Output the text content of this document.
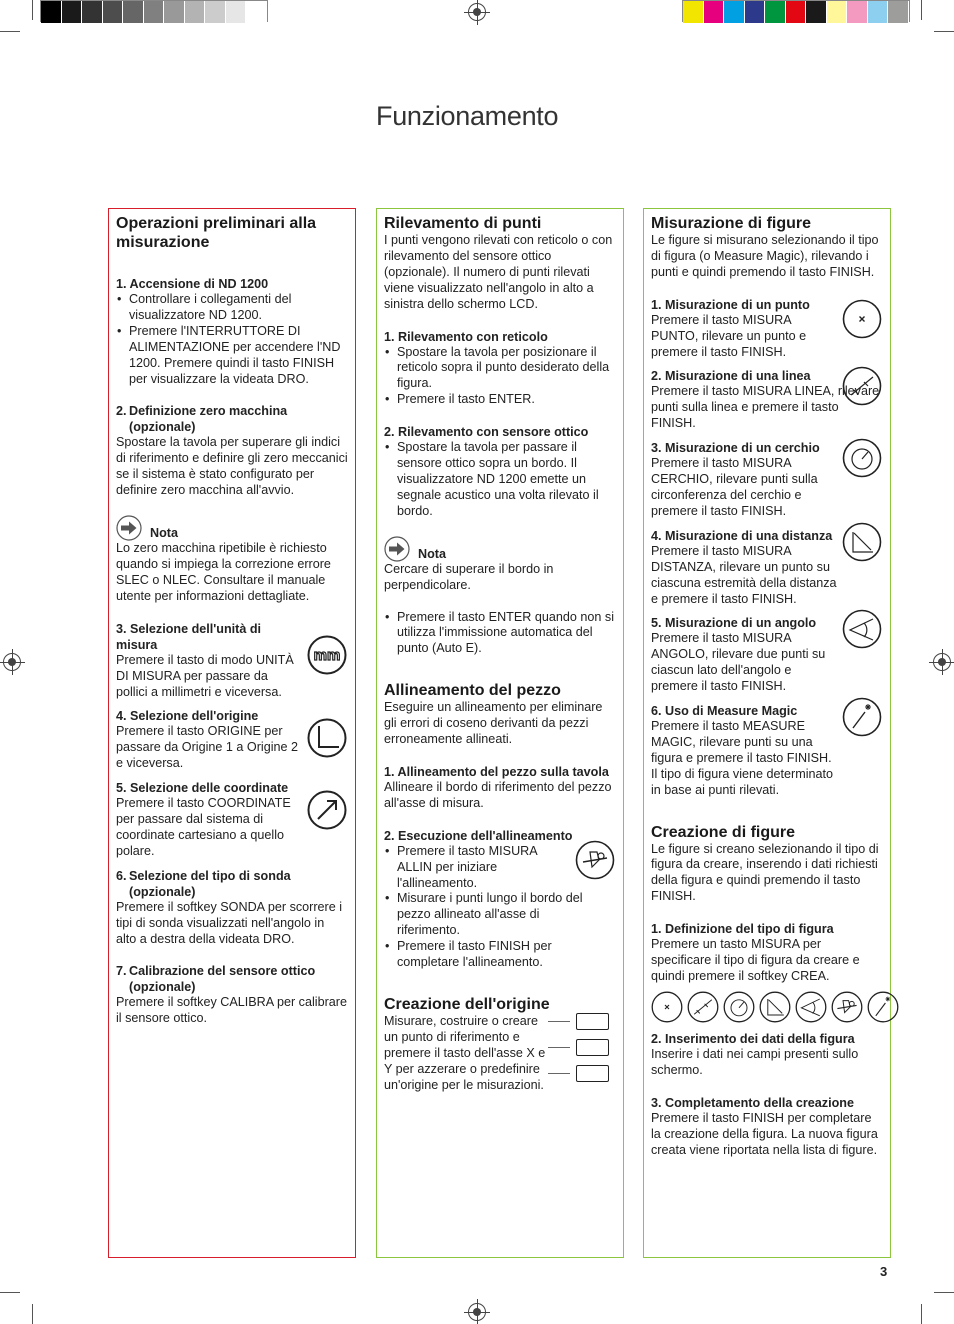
Funzionamento
3
Operazioni preliminari alla misurazione
1. Accensione di ND 1200
• Controllare i collegamenti del visualizzatore ND 1200.
• Premere l'INTERRUTTORE DI ALIMENTAZIONE per accendere l'ND 1200. Premere quindi il tasto FINISH per visualizzare la videata DRO.
2. Definizione zero macchina
(opzionale)

Spostare la tavola per superare gli indici di riferimento e definire gli zero meccanici se il sistema è stato configurato per definire zero macchina all'avvio.

Nota

Lo zero macchina ripetibile è richiesto quando si impiega la correzione errore SLEC o NLEC. Consultare il manuale utente per informazioni dettagliate.

mm
3. Selezione dell'unità di misura

Premere il tasto di modo UNITÀ DI MISURA per passare da pollici a millimetri e viceversa.

4. Selezione dell'origine

Premere il tasto ORIGINE per passare da Origine 1 a Origine 2 e viceversa.

5. Selezione delle coordinate

Premere il tasto COORDINATE per passare dal sistema di coordinate cartesiano a quello polare.

6. Selezione del tipo di sonda
(opzionale)

Premere il softkey SONDA per scorrere i tipi di sonda visualizzati nell'angolo in alto a destra della videata DRO.

7. Calibrazione del sensore ottico
(opzionale)

Premere il softkey CALIBRA per calibrare il sensore ottico.

Rilevamento di punti

I punti vengono rilevati con reticolo o con rilevamento del sensore ottico (opzionale). Il numero di punti rilevati viene visualizzato nell'angolo in alto a sinistra dello schermo LCD.

1. Rilevamento con reticolo
• Spostare la tavola per posizionare il reticolo sopra il punto desiderato della figura.
• Premere il tasto ENTER.
2. Rilevamento con sensore ottico
• Spostare la tavola per passare il sensore ottico sopra un bordo. Il visualizzatore ND 1200 emette un segnale acustico una volta rilevato il bordo.
Nota

Cercare di superare il bordo in perpendicolare.

• Premere il tasto ENTER quando non si utilizza l'immissione automatica del punto (Auto E).
Allineamento del pezzo

Eseguire un allineamento per eliminare gli errori di coseno derivanti da pezzi erroneamente allineati.

1. Allineamento del pezzo sulla tavola

Allineare il bordo di riferimento del pezzo all'asse di misura.

2. Esecuzione dell'allineamento
• Premere il tasto MISURA ALLIN per iniziare l'allineamento.
• Misurare i punti lungo il bordo del pezzo allineato all'asse di riferimento.
• Premere il tasto FINISH per completare l'allineamento.
Creazione dell'origine

Misurare, costruire o creare un punto di riferimento e premere il tasto dell'asse X e Y per azzerare o predefinire un'origine per le misurazioni.

Misurazione di figure

Le figure si misurano selezionando il tipo di figura (o Measure Magic), rilevando i punti e quindi premendo il tasto FINISH.

1. Misurazione di un punto

Premere il tasto MISURA PUNTO, rilevare un punto e premere il tasto FINISH.

2. Misurazione di una linea

Premere il tasto MISURA LINEA, rilevare punti sulla linea e premere il tasto FINISH.

3. Misurazione di un cerchio

Premere il tasto MISURA CERCHIO, rilevare punti sulla circonferenza del cerchio e premere il tasto FINISH.

4. Misurazione di una distanza

Premere il tasto MISURA DISTANZA, rilevare un punto su ciascuna estremità della distanza e premere il tasto FINISH.

5. Misurazione di un angolo

Premere il tasto MISURA ANGOLO, rilevare due punti su ciascun lato dell'angolo e premere il tasto FINISH.

6. Uso di Measure Magic

Premere il tasto MEASURE MAGIC, rilevare punti su una figura e premere il tasto FINISH. Il tipo di figura viene determinato in base ai punti rilevati.

Creazione di figure

Le figure si creano selezionando il tipo di figura da creare, inserendo i dati richiesti della figura e quindi premendo il tasto FINISH.

1. Definizione del tipo di figura

Premere un tasto MISURA per specificare il tipo di figura da creare e quindi premere il softkey CREA.

2. Inserimento dei dati della figura

Inserire i dati nei campi presenti sullo schermo.

3. Completamento della creazione

Premere il tasto FINISH per completare la creazione della figura. La nuova figura creata viene riportata nella lista di figure.
